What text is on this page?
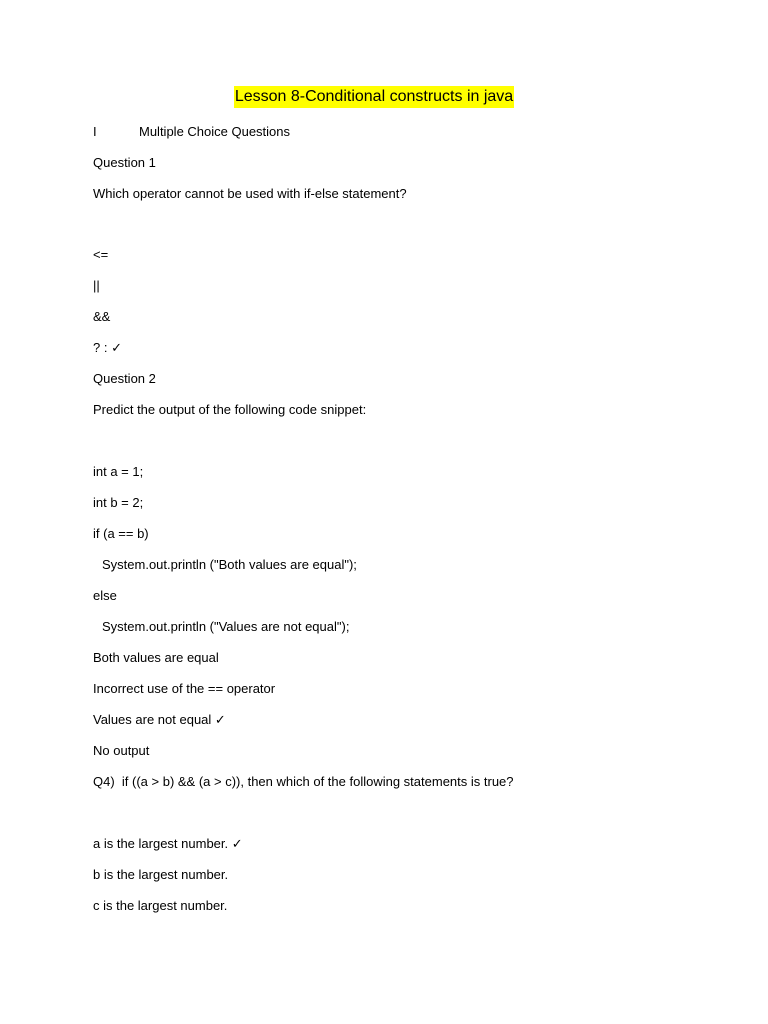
Lesson 8-Conditional constructs in java
I	Multiple Choice Questions
Question 1
Which operator cannot be used with if-else statement?
<=
||
&&
? : ✓
Question 2
Predict the output of the following code snippet:
int a = 1;
int b = 2;
if (a == b)
System.out.println ("Both values are equal");
else
System.out.println ("Values are not equal");
Both values are equal
Incorrect use of the == operator
Values are not equal ✓
No output
Q4)  if ((a > b) && (a > c)), then which of the following statements is true?
a is the largest number. ✓
b is the largest number.
c is the largest number.
